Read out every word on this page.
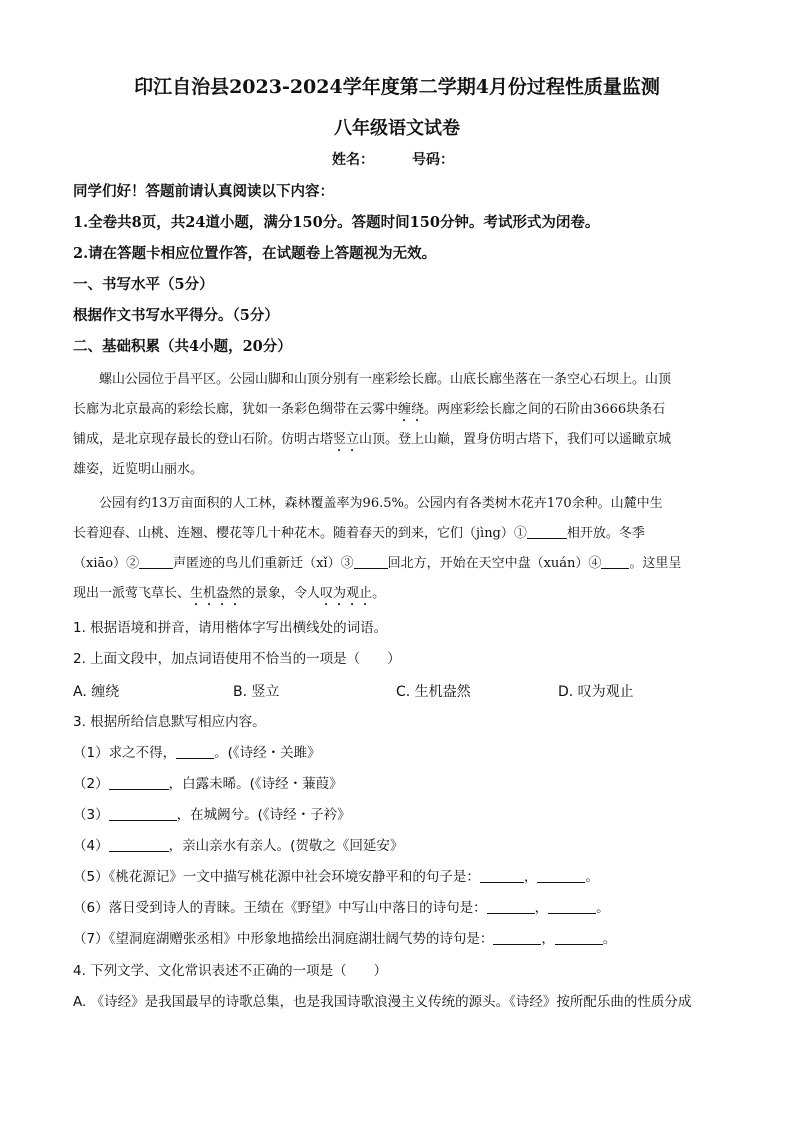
印江自治县2023-2024学年度第二学期4月份过程性质量监测
八年级语文试卷
姓名：	号码：
同学们好！答题前请认真阅读以下内容：
1.全卷共8页，共24道小题，满分150分。答题时间150分钟。考试形式为闭卷。
2.请在答题卡相应位置作答，在试题卷上答题视为无效。
一、书写水平（5分）
根据作文书写水平得分。（5分）
二、基础积累（共4小题，20分）
螺山公园位于昌平区。公园山脚和山顶分别有一座彩绘长廊。山底长廊坐落在一条空心石坝上。山顶
长廊为北京最高的彩绘长廊，犹如一条彩色绸带在云雾中缠绕。两座彩绘长廊之间的石阶由3666块条石
铺成，是北京现存最长的登山石阶。仿明古塔竖立山顶。登上山巅，置身仿明古塔下，我们可以遥瞰京城
雄姿，近览明山丽水。
公园有约13万亩面积的人工林，森林覆盖率为96.5%。公园内有各类树木花卉170余种。山麓中生
长着迎春、山桃、连翘、樱花等几十种花木。随着春天的到来，它们（jìng）①	相开放。冬季
（xiāo）②	声匿迹的鸟儿们重新迁（xǐ）③	回北方，开始在天空中盘（xuán）④ 。这里呈
现出一派莺飞草长、生机盎然的景象，令人叹为观止。
1. 根据语境和拼音，请用楷体字写出横线处的词语。
2. 上面文段中，加点词语使用不恰当的一项是（　　）
A. 缠绕	B. 竖立	C. 生机盎然	D. 叹为观止
3. 根据所给信息默写相应内容。
（1）求之不得，	。(《诗经・关雎》
（2）	，白露未晞。(《诗经・蒹葭》
（3）	，在城阙兮。(《诗经・子衿》
（4）	，亲山亲水有亲人。(贺敬之《回延安》
（5）《桃花源记》一文中描写桃花源中社会环境安静平和的句子是：	，	。
（6）落日受到诗人的青睐。王绩在《野望》中写山中落日的诗句是：	，	。
（7）《望洞庭湖赠张丞相》中形象地描绘出洞庭湖壮阔气势的诗句是：	，	。
4. 下列文学、文化常识表述不正确的一项是（　　）
A. 《诗经》是我国最早的诗歌总集，也是我国诗歌浪漫主义传统的源头。《诗经》按所配乐曲的性质分成
